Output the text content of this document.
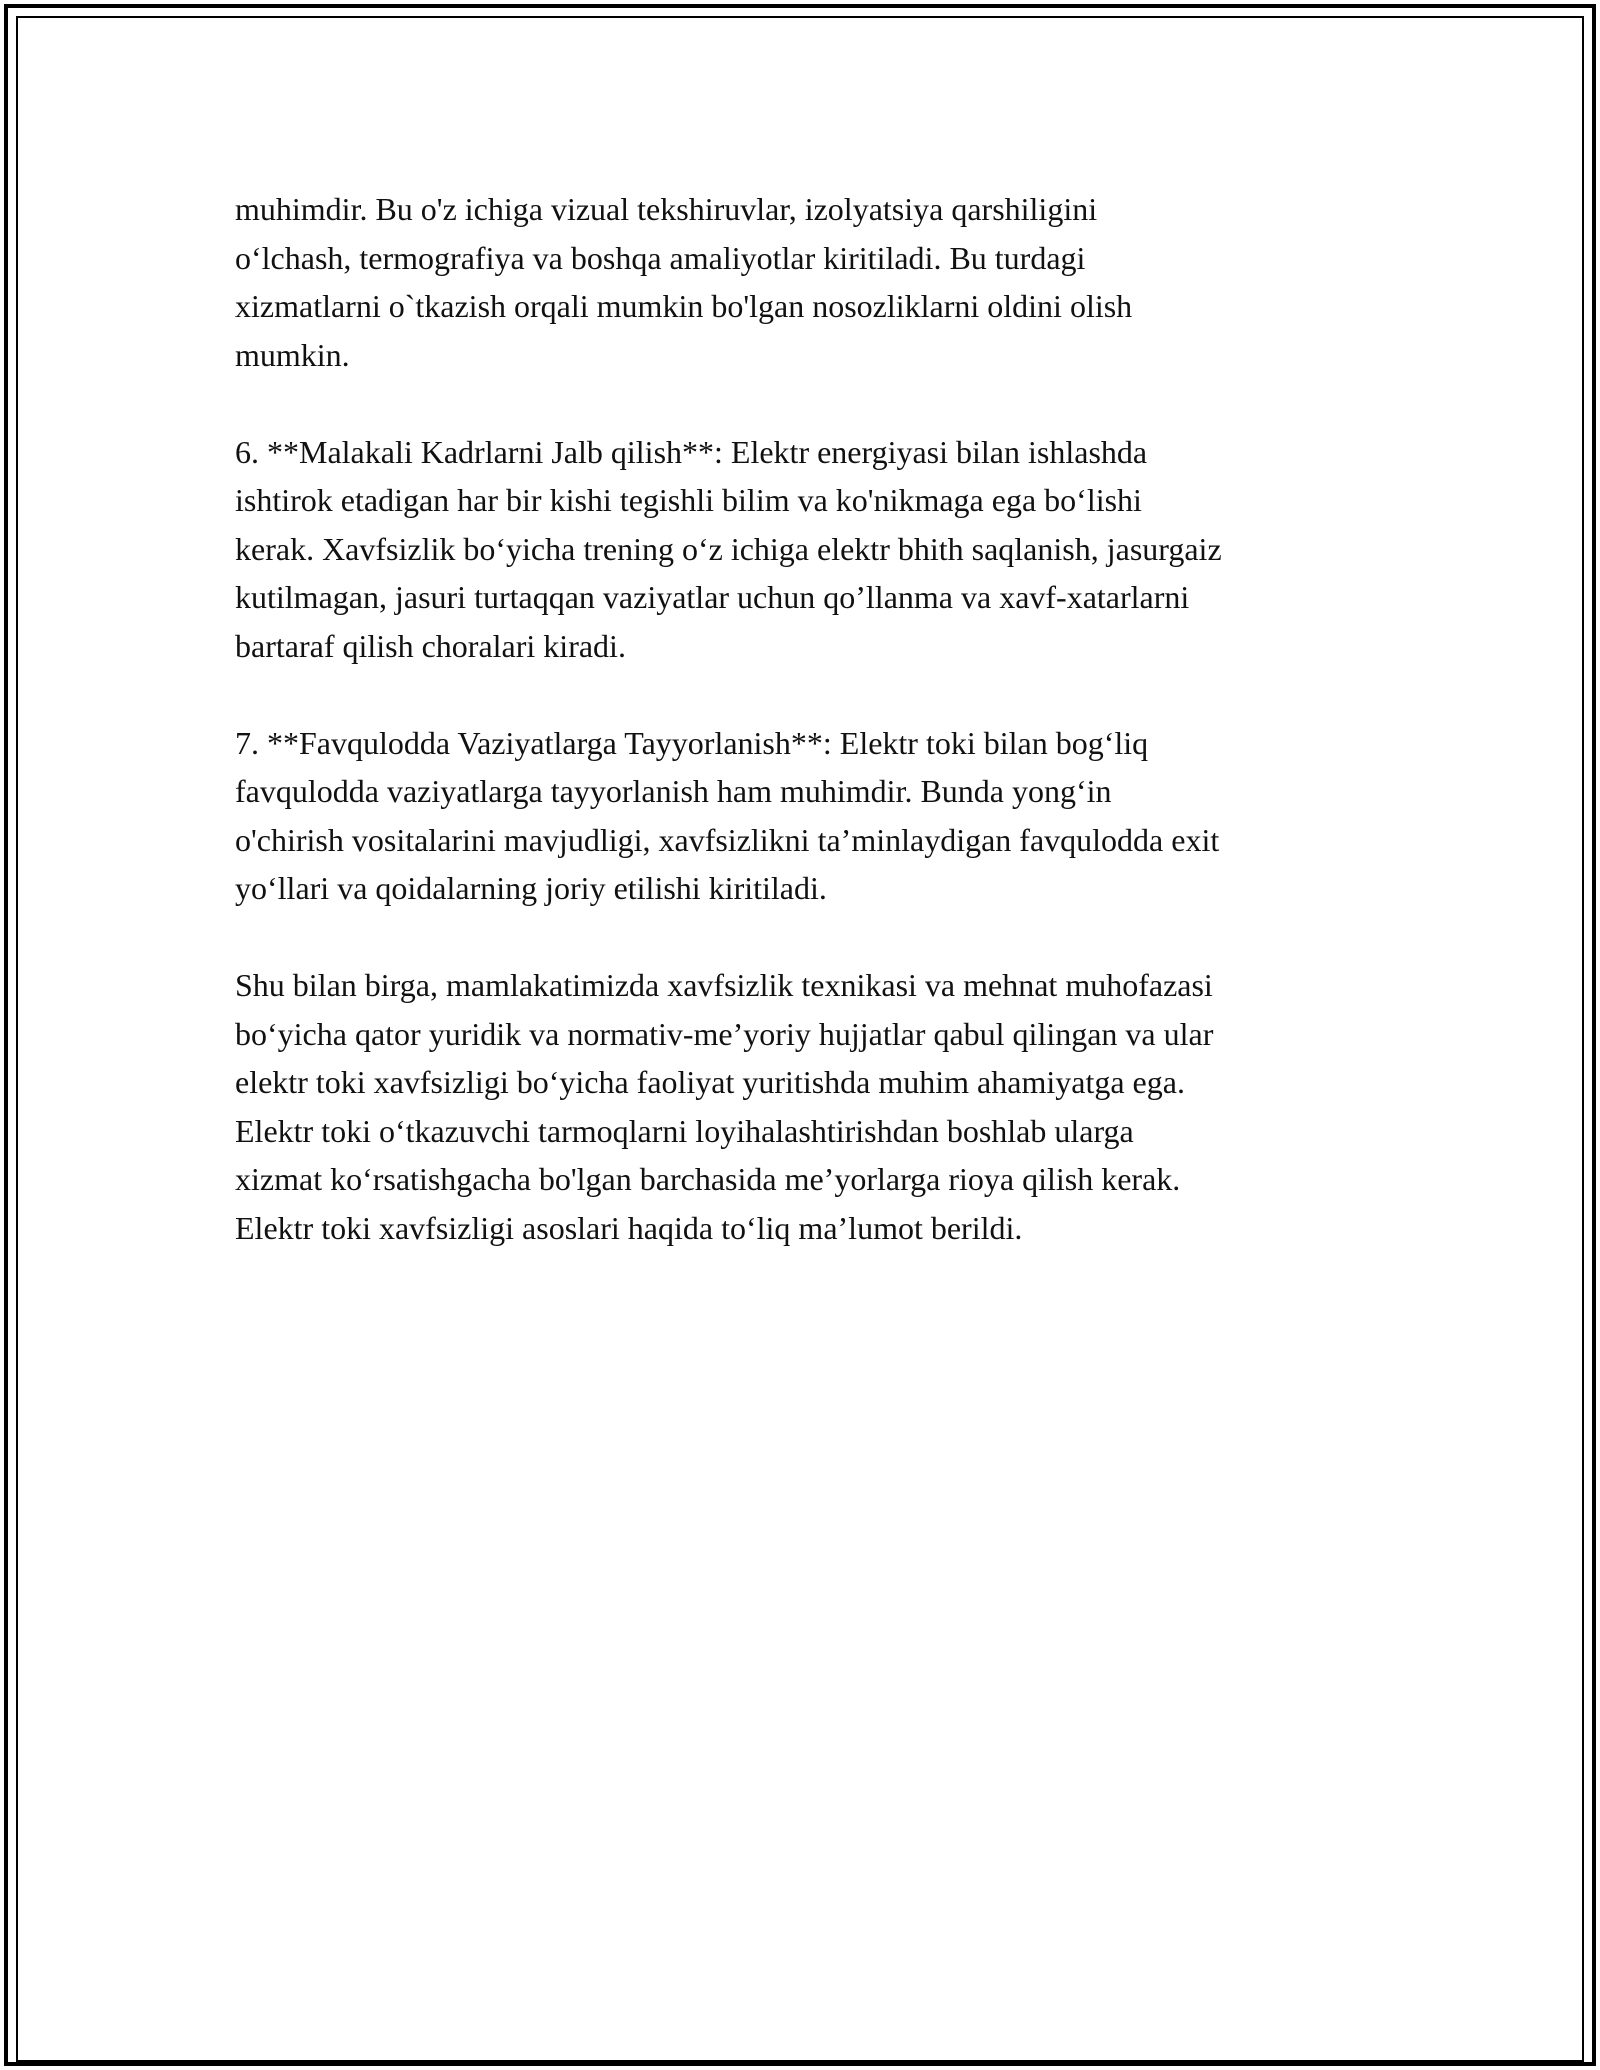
muhimdir. Bu o'z ichiga vizual tekshiruvlar, izolyatsiya qarshiligini
o‘lchash, termografiya va boshqa amaliyotlar kiritiladi. Bu turdagi
xizmatlarni o`tkazish orqali mumkin bo'lgan nosozliklarni oldini olish
mumkin.

6. **Malakali Kadrlarni Jalb qilish**: Elektr energiyasi bilan ishlashda
ishtirok etadigan har bir kishi tegishli bilim va ko'nikmaga ega bo‘lishi
kerak. Xavfsizlik bo‘yicha trening o‘z ichiga elektr bhith saqlanish, jasurgaiz
kutilmagan, jasuri turtaqqan vaziyatlar uchun qo’llanma va xavf-xatarlarni
bartaraf qilish choralari kiradi.

7. **Favqulodda Vaziyatlarga Tayyorlanish**: Elektr toki bilan bog‘liq
favqulodda vaziyatlarga tayyorlanish ham muhimdir. Bunda yong‘in
o'chirish vositalarini mavjudligi, xavfsizlikni ta’minlaydigan favqulodda exit
yo‘llari va qoidalarning joriy etilishi kiritiladi.

Shu bilan birga, mamlakatimizda xavfsizlik texnikasi va mehnat muhofazasi
bo‘yicha qator yuridik va normativ-me’yoriy hujjatlar qabul qilingan va ular
elektr toki xavfsizligi bo‘yicha faoliyat yuritishda muhim ahamiyatga ega.
Elektr toki o‘tkazuvchi tarmoqlarni loyihalashtirishdan boshlab ularga
xizmat ko‘rsatishgacha bo'lgan barchasida me’yorlarga rioya qilish kerak.
Elektr toki xavfsizligi asoslari haqida to‘liq ma’lumot berildi.
